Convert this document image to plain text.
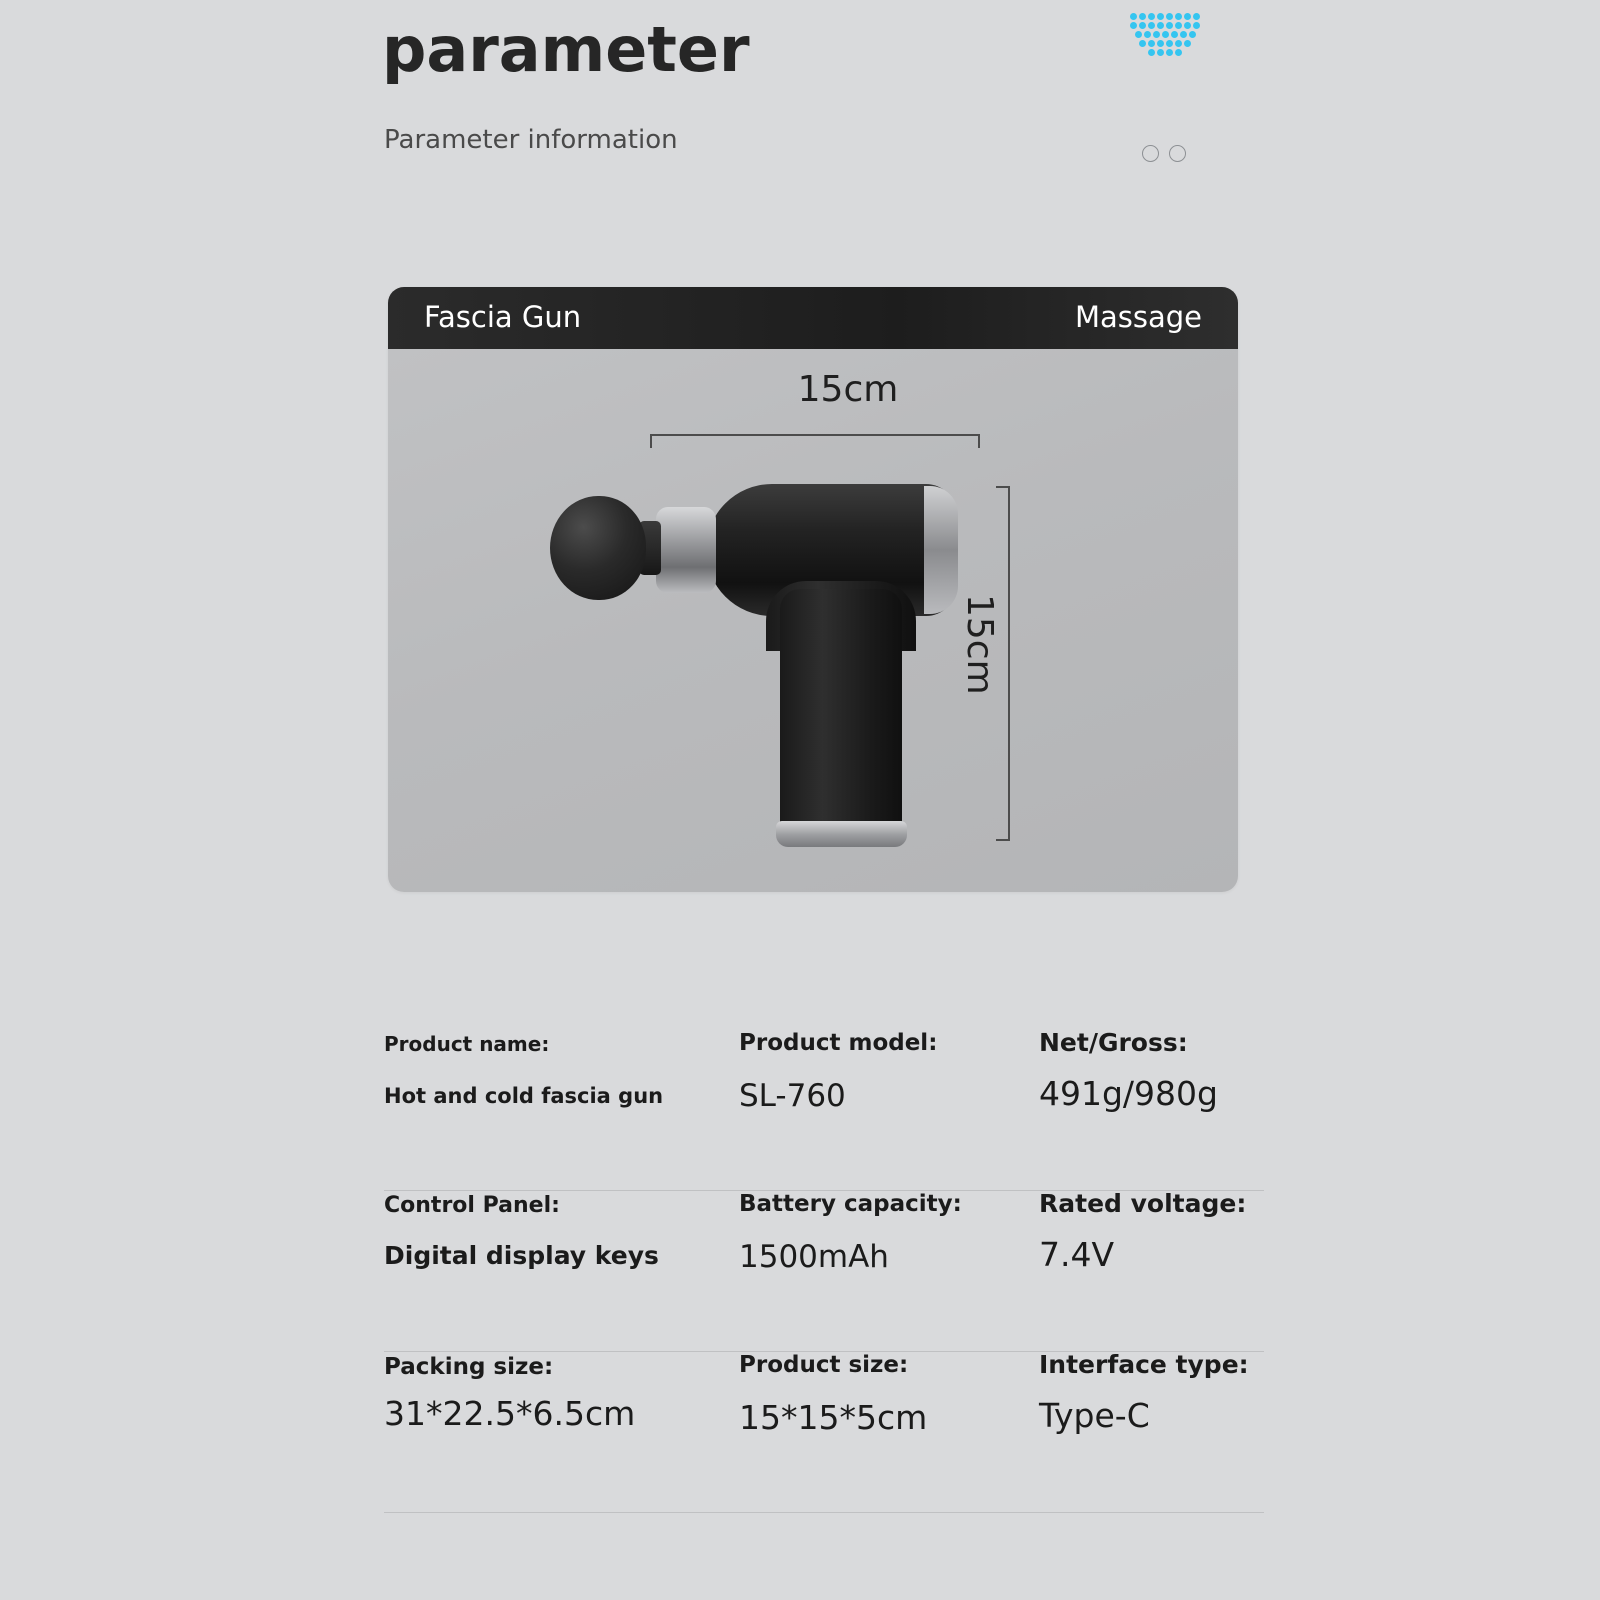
parameter
Parameter information
Fascia Gun	Massage
15cm
15cm
Product name:
Hot and cold fascia gun
Product model:
SL-760
Net/Gross:
491g/980g
Control Panel:
Digital display keys
Battery capacity:
1500mAh
Rated voltage:
7.4V
Packing size:
31*22.5*6.5cm
Product size:
15*15*5cm
Interface type:
Type-C
